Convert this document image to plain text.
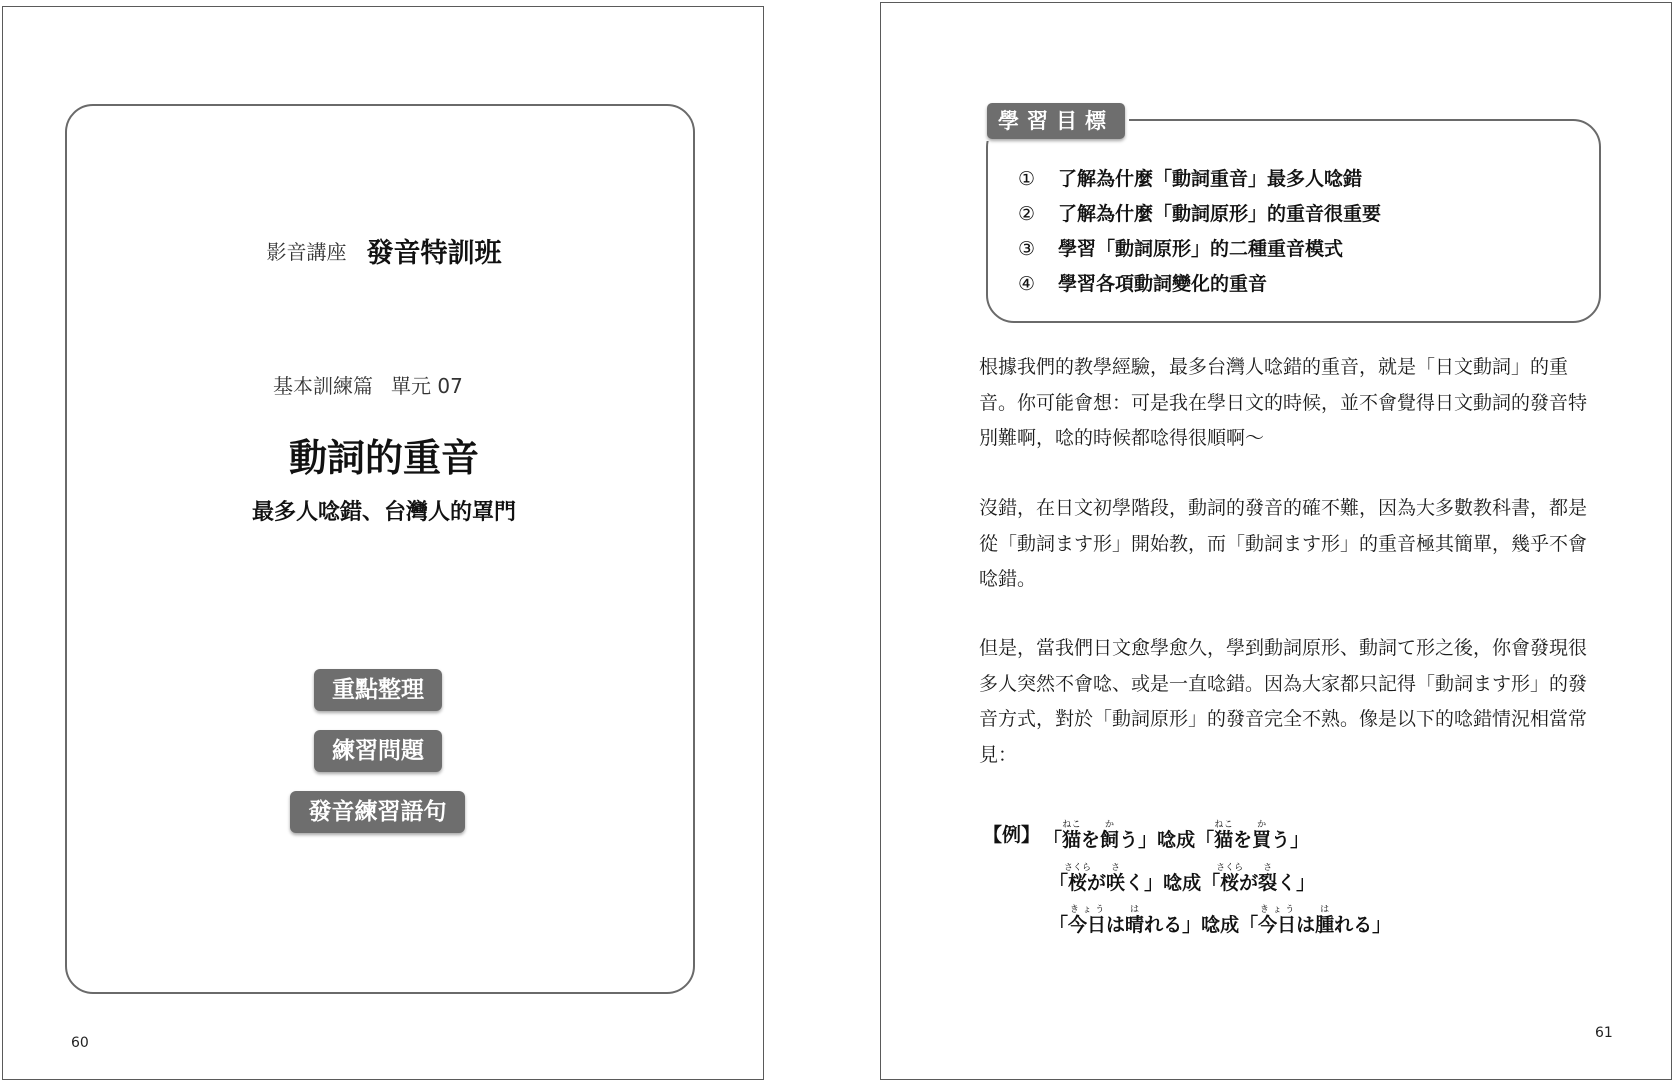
影音講座 發音特訓班
基本訓練篇 單元 07
動詞的重音
最多人唸錯、台灣人的罩門
重點整理
練習問題
發音練習語句
60
學習目標
① 了解為什麼「動詞重音」最多人唸錯
② 了解為什麼「動詞原形」的重音很重要
③ 學習「動詞原形」的二種重音模式
④ 學習各項動詞變化的重音
根據我們的教學經驗，最多台灣人唸錯的重音，就是「日文動詞」的重音。你可能會想：可是我在學日文的時候，並不會覺得日文動詞的發音特別難啊，唸的時候都唸得很順啊～
沒錯，在日文初學階段，動詞的發音的確不難，因為大多數教科書，都是從「動詞ます形」開始教，而「動詞ます形」的重音極其簡單，幾乎不會唸錯。
但是，當我們日文愈學愈久，學到動詞原形、動詞て形之後，你會發現很多人突然不會唸、或是一直唸錯。因為大家都只記得「動詞ます形」的發音方式，對於「動詞原形」的發音完全不熟。像是以下的唸錯情況相當常見：
【例】 「猫ねこを飼かう」唸成「猫ねこを買かう」
「桜さくらが咲さく」唸成「桜さくらが裂さく」
「今日きょうは晴はれる」唸成「今日きょうは腫はれる」
61
